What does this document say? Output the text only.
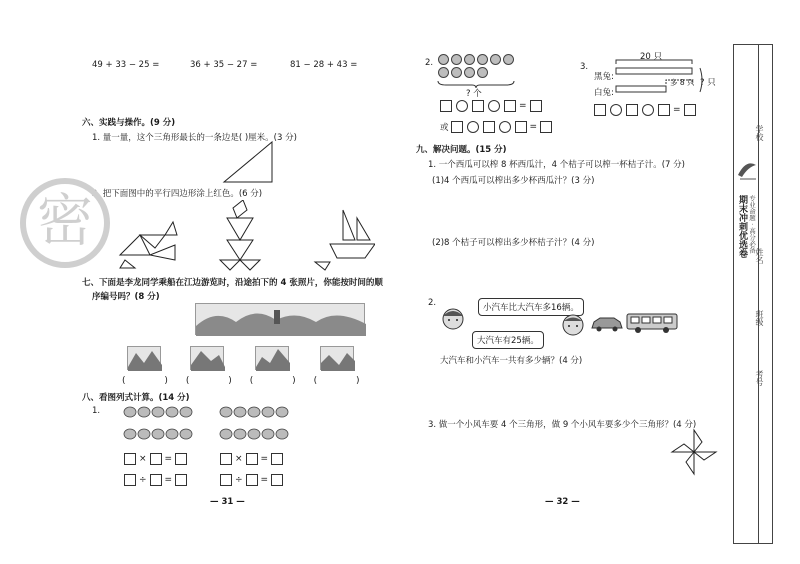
49 + 33 − 25 =	36 + 35 − 27 =	81 − 28 + 43 =
六、实践与操作。(9 分)
1. 量一量，这个三角形最长的一条边是( )厘米。(3 分)
2. 把下面图中的平行四边形涂上红色。(6 分)
密
七、下面是李龙同学乘船在江边游览时，沿途拍下的 4 张照片，你能按时间的顺
序编号吗？(8 分)
( )( )( )( )
八、看图列式计算。(14 分)
1.
× =	× =
÷ =	÷ =
— 31 —
2.
? 个
=
或	=
3.
20 只
黑兔:
白兔:
多 8 只 ? 只
=
九、解决问题。(15 分)
1. 一个西瓜可以榨 8 杯西瓜汁，4 个桔子可以榨一杯桔子汁。(7 分)
(1)4 个西瓜可以榨出多少杯西瓜汁？(3 分)
(2)8 个桔子可以榨出多少杯桔子汁？(4 分)
2.	小汽车比大汽车多16辆。
大汽车有25辆。
大汽车和小汽车一共有多少辆？(4 分)
3. 做一个小风车要 4 个三角形，做 9 个小风车要多少个三角形？(4 分)
— 32 —
期末冲刺优选卷 专业命题 · 高分必备
学校
姓名
班级
考号
